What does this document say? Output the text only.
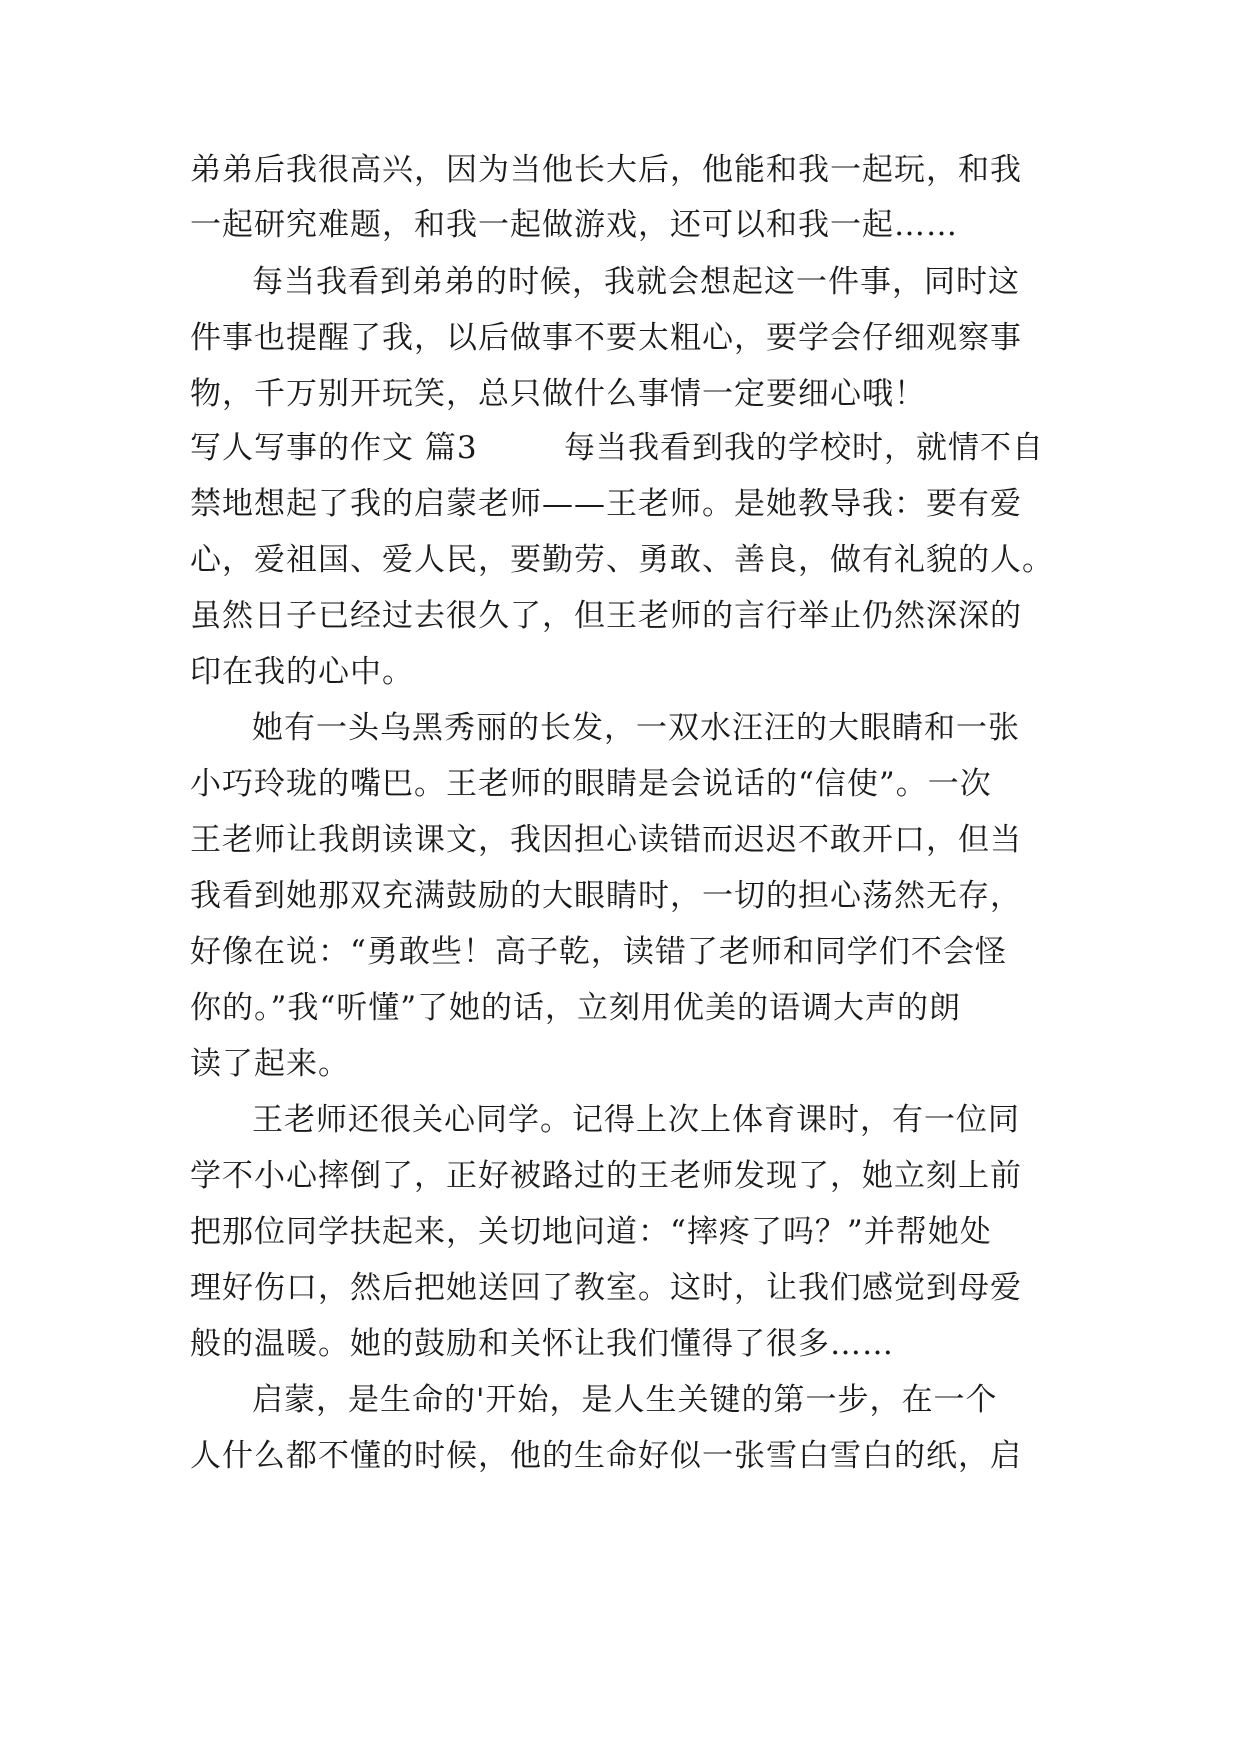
弟弟后我很高兴，因为当他长大后，他能和我一起玩，和我
一起研究难题，和我一起做游戏，还可以和我一起……
每当我看到弟弟的时候，我就会想起这一件事，同时这
件事也提醒了我，以后做事不要太粗心，要学会仔细观察事
物，千万别开玩笑，总只做什么事情一定要细心哦！
写人写事的作文 篇3	每当我看到我的学校时，就情不自
禁地想起了我的启蒙老师——王老师。是她教导我：要有爱
心，爱祖国、爱人民，要勤劳、勇敢、善良，做有礼貌的人。
虽然日子已经过去很久了，但王老师的言行举止仍然深深的
印在我的心中。
她有一头乌黑秀丽的长发，一双水汪汪的大眼睛和一张
小巧玲珑的嘴巴。王老师的眼睛是会说话的“信使”。一次
王老师让我朗读课文，我因担心读错而迟迟不敢开口，但当
我看到她那双充满鼓励的大眼睛时，一切的担心荡然无存，
好像在说：“勇敢些！高子乾，读错了老师和同学们不会怪
你的。”我“听懂”了她的话，立刻用优美的语调大声的朗
读了起来。
王老师还很关心同学。记得上次上体育课时，有一位同
学不小心摔倒了，正好被路过的王老师发现了，她立刻上前
把那位同学扶起来，关切地问道：“摔疼了吗？”并帮她处
理好伤口，然后把她送回了教室。这时，让我们感觉到母爱
般的温暖。她的鼓励和关怀让我们懂得了很多……
启蒙，是生命的'开始，是人生关键的第一步，在一个
人什么都不懂的时候，他的生命好似一张雪白雪白的纸，启
